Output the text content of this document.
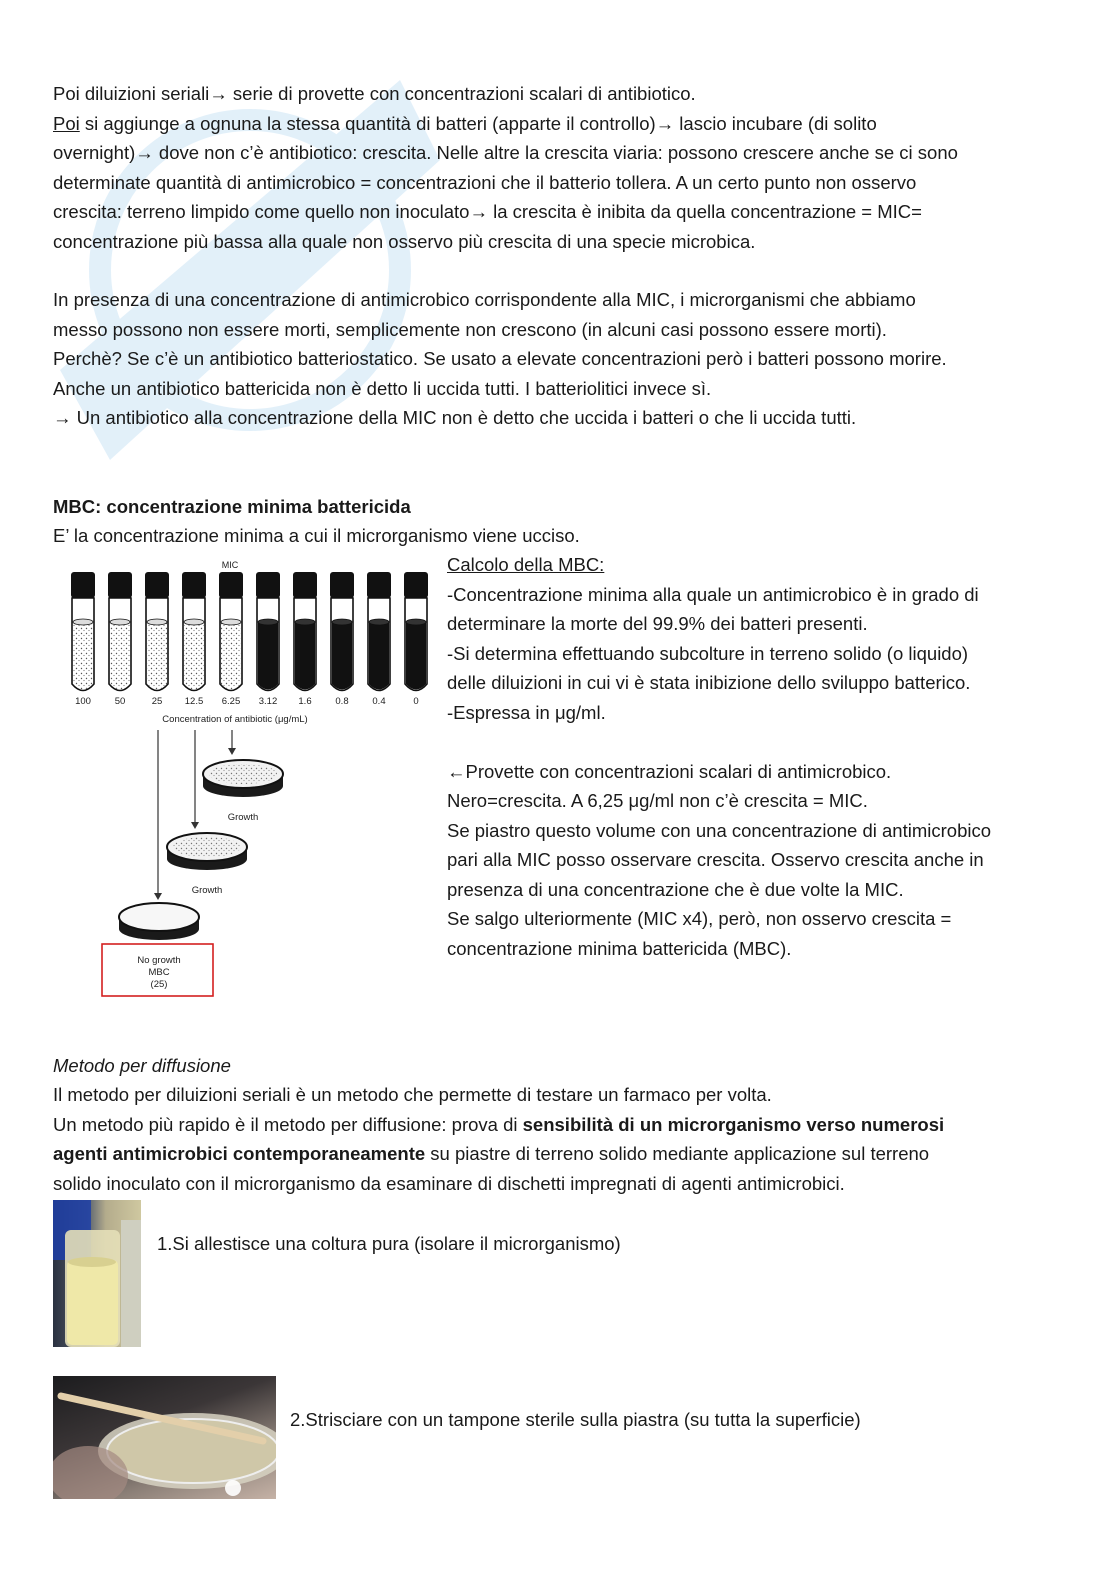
Poi diluizioni seriali→ serie di provette con concentrazioni scalari di antibiotico.
Poi si aggiunge a ognuna la stessa quantità di batteri (apparte il controllo)→ lascio incubare (di solito
overnight)→ dove non c’è antibiotico: crescita. Nelle altre la crescita viaria: possono crescere anche se ci sono
determinate quantità di antimicrobico = concentrazioni che il batterio tollera. A un certo punto non osservo
crescita: terreno limpido come quello non inoculato→ la crescita è inibita da quella concentrazione = MIC=
concentrazione più bassa alla quale non osservo più crescita di una specie microbica.
In presenza di una concentrazione di antimicrobico corrispondente alla MIC, i microrganismi che abbiamo
messo possono non essere morti, semplicemente non crescono (in alcuni casi possono essere morti).
Perchè? Se c’è un antibiotico batteriostatico. Se usato a elevate concentrazioni però i batteri possono morire.
Anche un antibiotico battericida non è detto li uccida tutti. I batteriolitici invece sì.
→ Un antibiotico alla concentrazione della MIC non è detto che uccida i batteri o che li uccida tutti.
MBC: concentrazione minima battericida
E’ la concentrazione minima a cui il microrganismo viene ucciso.
Calcolo della MBC:
-Concentrazione minima alla quale un antimicrobico è in grado di
determinare la morte del 99.9% dei batteri presenti.
-Si determina effettuando subcolture in terreno solido (o liquido)
delle diluizioni in cui vi è stata inibizione dello sviluppo batterico.
-Espressa in μg/ml.
←Provette con concentrazioni scalari di antimicrobico.
Nero=crescita. A 6,25 μg/ml non c’è crescita = MIC.
Se piastro questo volume con una concentrazione di antimicrobico
pari alla MIC posso osservare crescita. Osservo crescita anche in
presenza di una concentrazione che è due volte la MIC.
Se salgo ulteriormente (MIC x4), però, non osservo crescita =
concentrazione minima battericida (MBC).
MIC
100	50	25 12.5 6.25 3.12 1.6	0.8	0.4	0
Concentration of antibiotic (μg/mL)
Growth
Growth
No growth
MBC
(25)
Metodo per diffusione
Il metodo per diluizioni seriali è un metodo che permette di testare un farmaco per volta.
Un metodo più rapido è il metodo per diffusione: prova di sensibilità di un microrganismo verso numerosi
agenti antimicrobici contemporaneamente su piastre di terreno solido mediante applicazione sul terreno
solido inoculato con il microrganismo da esaminare di dischetti impregnati di agenti antimicrobici.
1.Si allestisce una coltura pura (isolare il microrganismo)
2.Strisciare con un tampone sterile sulla piastra (su tutta la superficie)
